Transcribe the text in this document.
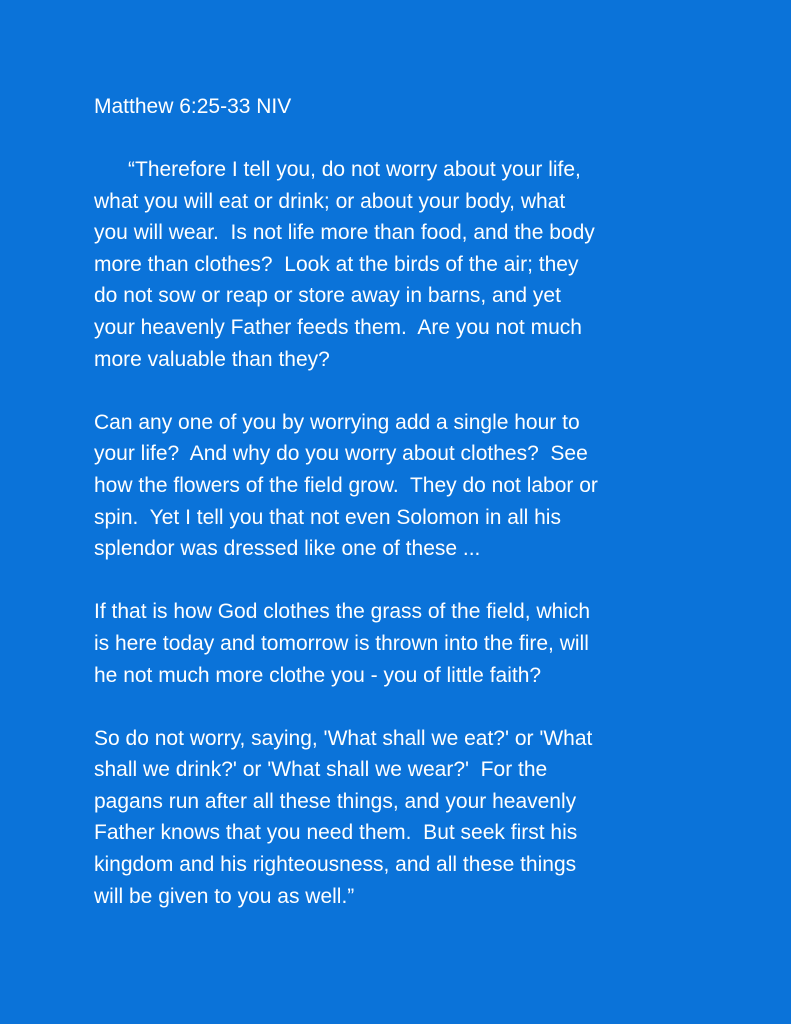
Matthew 6:25-33 NIV
“Therefore I tell you, do not worry about your life,
what you will eat or drink; or about your body, what
you will wear.  Is not life more than food, and the body
more than clothes?  Look at the birds of the air; they
do not sow or reap or store away in barns, and yet
your heavenly Father feeds them.  Are you not much
more valuable than they?
Can any one of you by worrying add a single hour to
your life?  And why do you worry about clothes?  See
how the flowers of the field grow.  They do not labor or
spin.  Yet I tell you that not even Solomon in all his
splendor was dressed like one of these ...
If that is how God clothes the grass of the field, which
is here today and tomorrow is thrown into the fire, will
he not much more clothe you - you of little faith?
So do not worry, saying, 'What shall we eat?' or 'What
shall we drink?' or 'What shall we wear?'  For the
pagans run after all these things, and your heavenly
Father knows that you need them.  But seek first his
kingdom and his righteousness, and all these things
will be given to you as well.”
